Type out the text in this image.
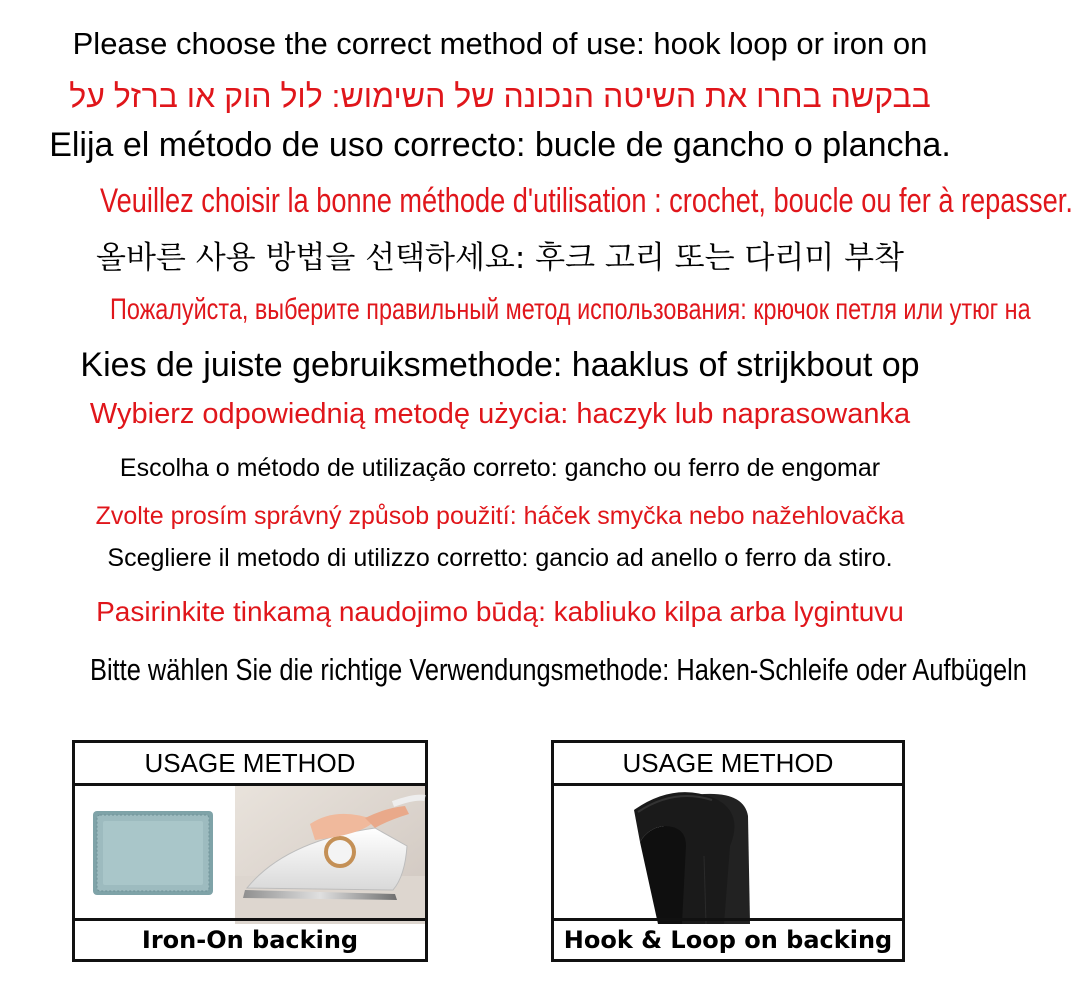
Please choose the correct method of use: hook loop or iron on
בבקשה בחרו את השיטה הנכונה של השימוש: לול הוק או ברזל על
Elija el método de uso correcto: bucle de gancho o plancha.
Veuillez choisir la bonne méthode d'utilisation : crochet, boucle ou fer à repasser.
올바른 사용 방법을 선택하세요: 후크 고리 또는 다리미 부착
Пожалуйста, выберите правильный метод использования: крючок петля или утюг на
Kies de juiste gebruiksmethode: haaklus of strijkbout op
Wybierz odpowiednią metodę użycia: haczyk lub naprasowanka
Escolha o método de utilização correto: gancho ou ferro de engomar
Zvolte prosím správný způsob použití: háček smyčka nebo nažehlovačka
Scegliere il metodo di utilizzo corretto: gancio ad anello o ferro da stiro.
Pasirinkite tinkamą naudojimo būdą: kabliuko kilpa arba lygintuvu
Bitte wählen Sie die richtige Verwendungsmethode: Haken-Schleife oder Aufbügeln
USAGE METHOD
Iron-On backing
USAGE METHOD
Hook & Loop on backing
